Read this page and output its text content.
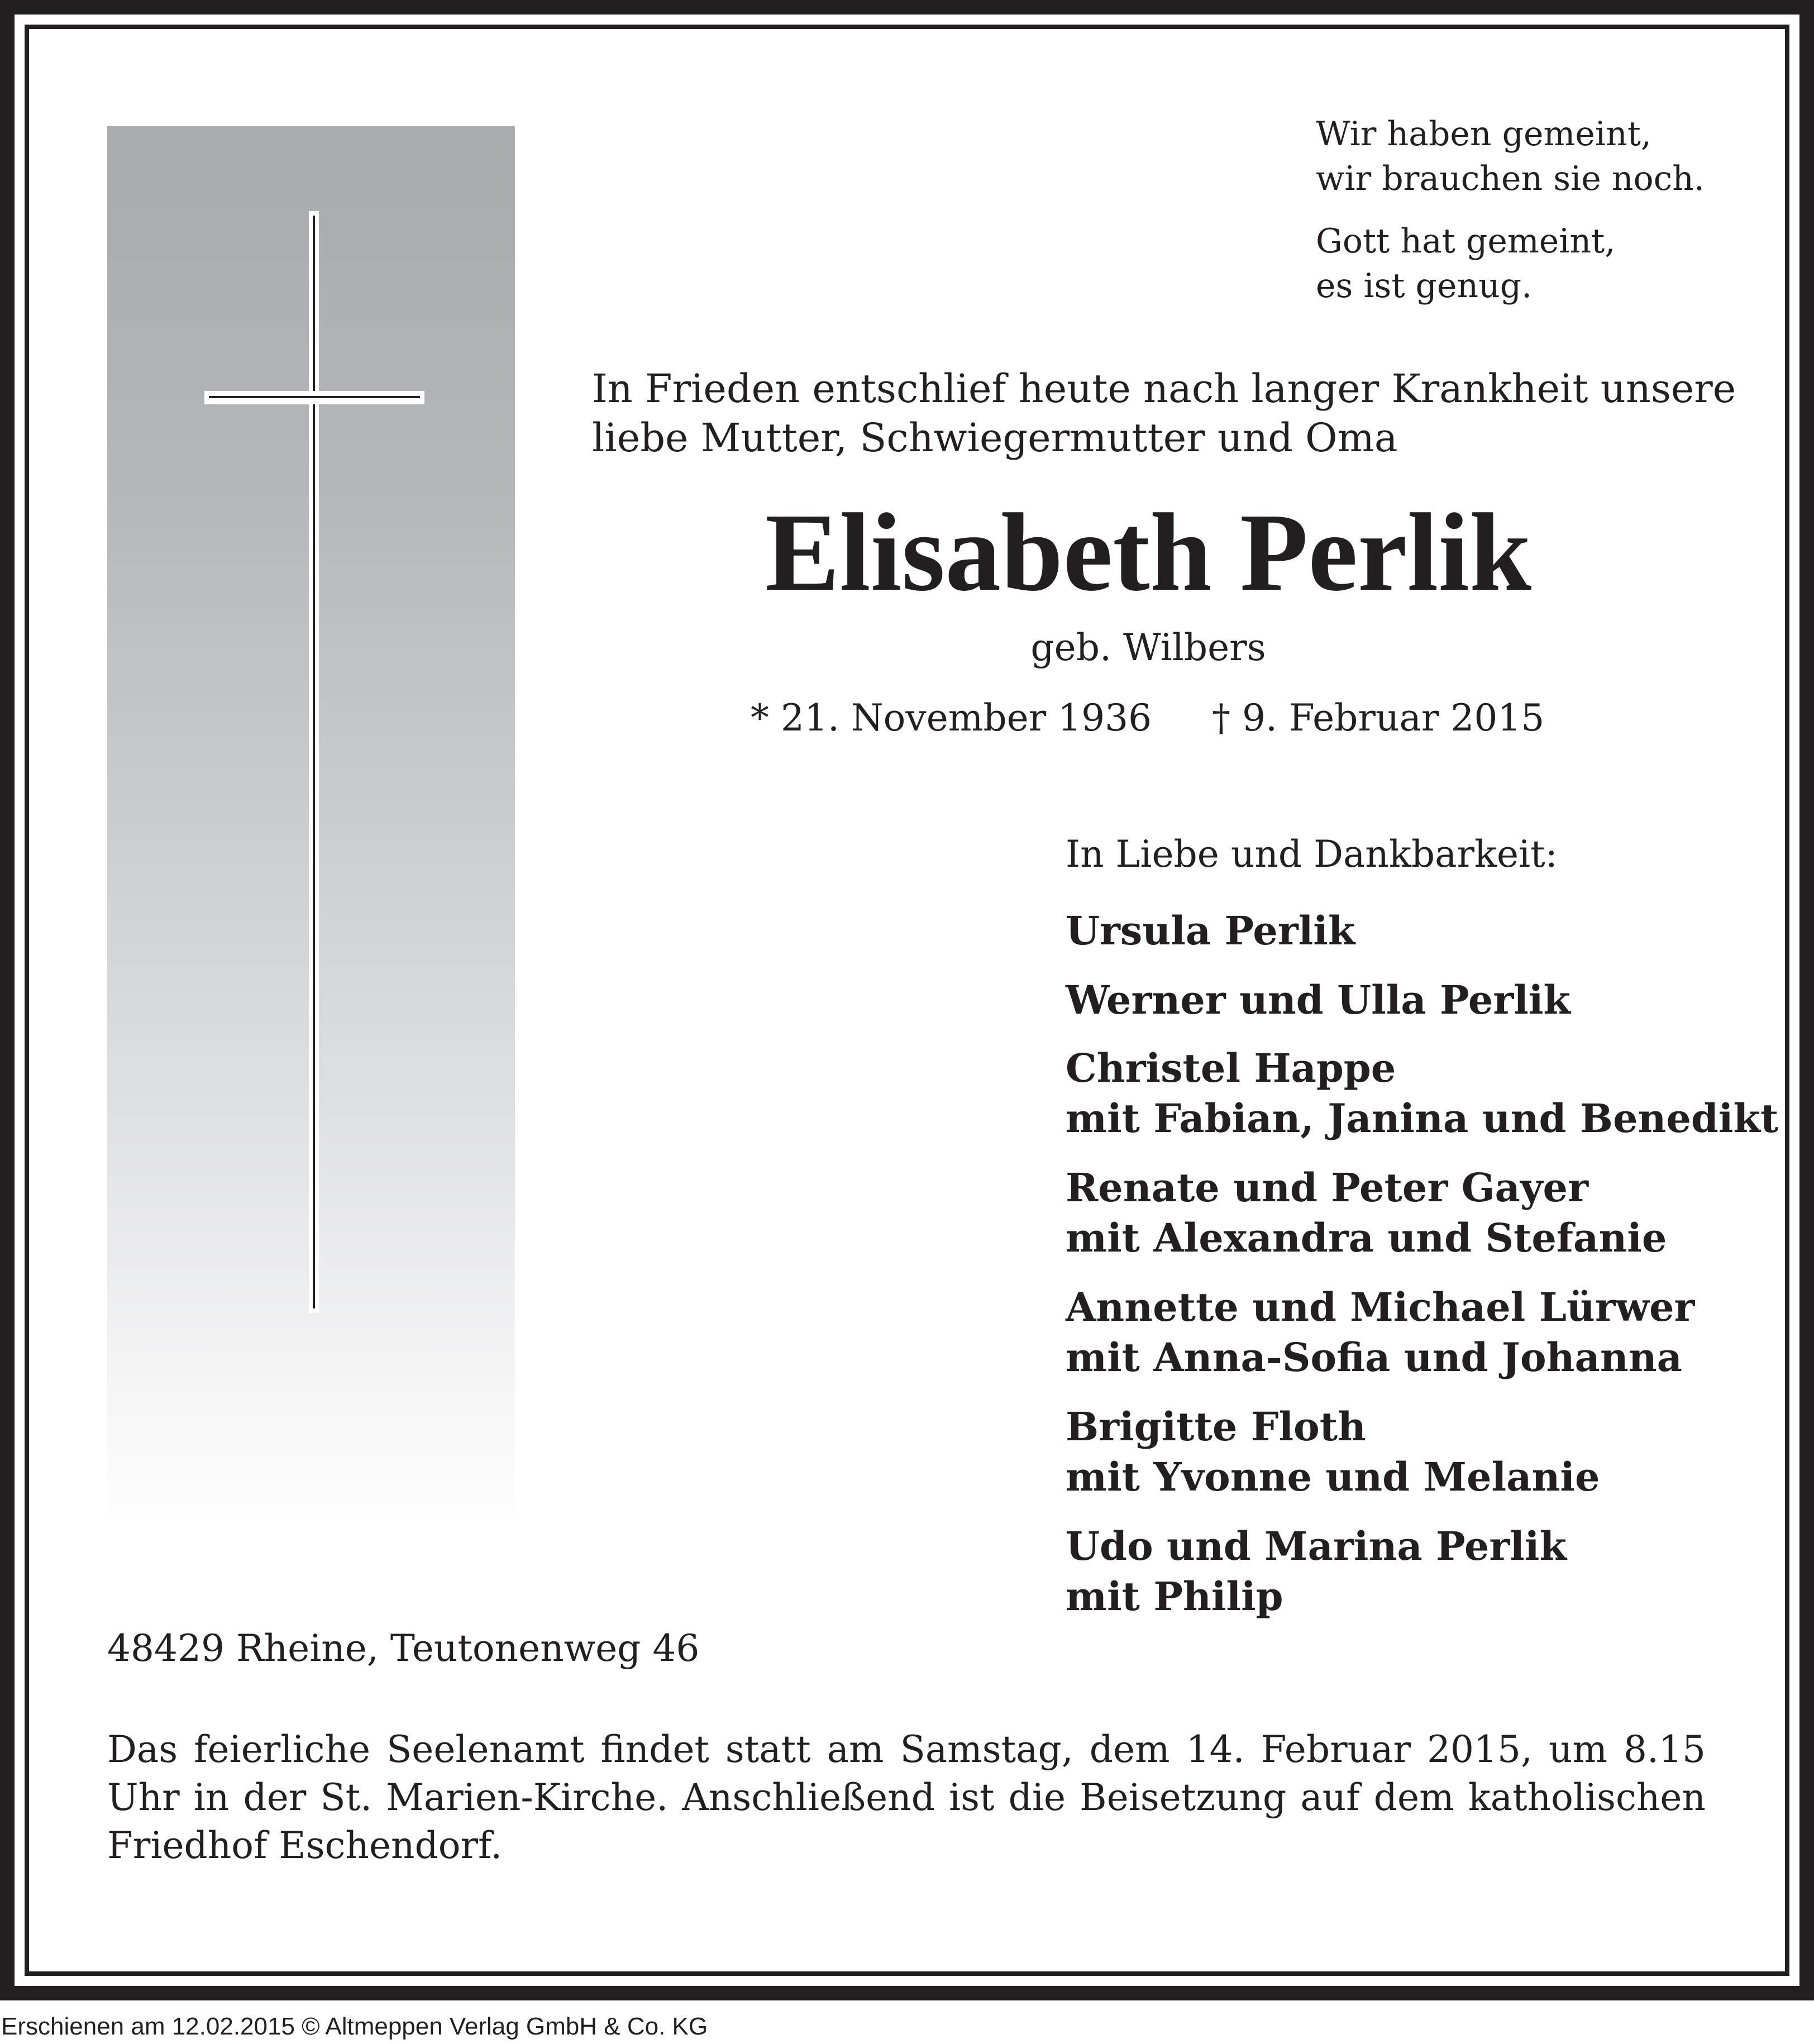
Wir haben gemeint,
wir brauchen sie noch.
Gott hat gemeint,
es ist genug.
In Frieden entschlief heute nach langer Krankheit unsere
liebe Mutter, Schwiegermutter und Oma
Elisabeth Perlik
geb. Wilbers
* 21. November 1936 † 9. Februar 2015
In Liebe und Dankbarkeit:
Ursula Perlik
Werner und Ulla Perlik
Christel Happe
mit Fabian, Janina und Benedikt
Renate und Peter Gayer
mit Alexandra und Stefanie
Annette und Michael Lürwer
mit Anna-Sofia und Johanna
Brigitte Floth
mit Yvonne und Melanie
Udo und Marina Perlik
mit Philip
48429 Rheine, Teutonenweg 46
Das feierliche Seelenamt findet statt am Samstag, dem 14. Februar 2015, um 8.15 Uhr in der St. Marien-Kirche. Anschließend ist die Beisetzung auf dem katholischen Friedhof Eschendorf.
Erschienen am 12.02.2015 © Altmeppen Verlag GmbH & Co. KG
